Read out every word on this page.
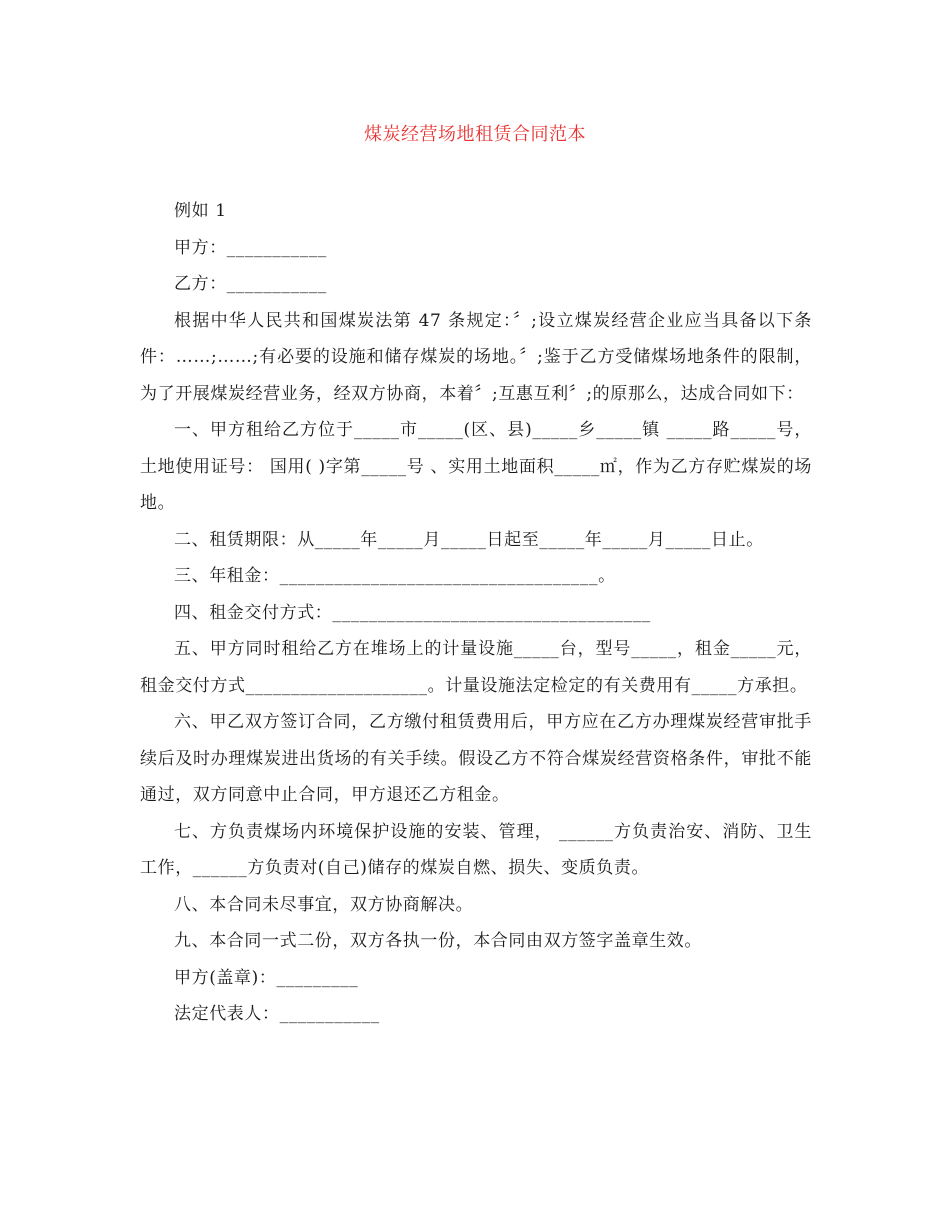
煤炭经营场地租赁合同范本

例如 1

甲方：___________

乙方：___________

根据中华人民共和国煤炭法第 47 条规定：〞;设立煤炭经营企业应当具备以下条件：……;……;有必要的设施和储存煤炭的场地。〞;鉴于乙方受储煤场地条件的限制，为了开展煤炭经营业务，经双方协商，本着〞;互惠互利〞;的原那么，达成合同如下：

一、甲方租给乙方位于_____市_____(区、县)_____乡_____镇 _____路_____号，土地使用证号： 国用( )字第_____号 、实用土地面积_____㎡，作为乙方存贮煤炭的场地。

二、租赁期限：从_____年_____月_____日起至_____年_____月_____日止。

三、年租金：___________________________________。

四、租金交付方式：___________________________________

五、甲方同时租给乙方在堆场上的计量设施_____台，型号_____，租金_____元，租金交付方式____________________。计量设施法定检定的有关费用有_____方承担。

六、甲乙双方签订合同，乙方缴付租赁费用后，甲方应在乙方办理煤炭经营审批手续后及时办理煤炭进出货场的有关手续。假设乙方不符合煤炭经营资格条件，审批不能通过，双方同意中止合同，甲方退还乙方租金。

七、方负责煤场内环境保护设施的安装、管理， ______方负责治安、消防、卫生工作，______方负责对(自己)储存的煤炭自燃、损失、变质负责。

八、本合同未尽事宜，双方协商解决。

九、本合同一式二份，双方各执一份，本合同由双方签字盖章生效。

甲方(盖章)：_________

法定代表人：___________
